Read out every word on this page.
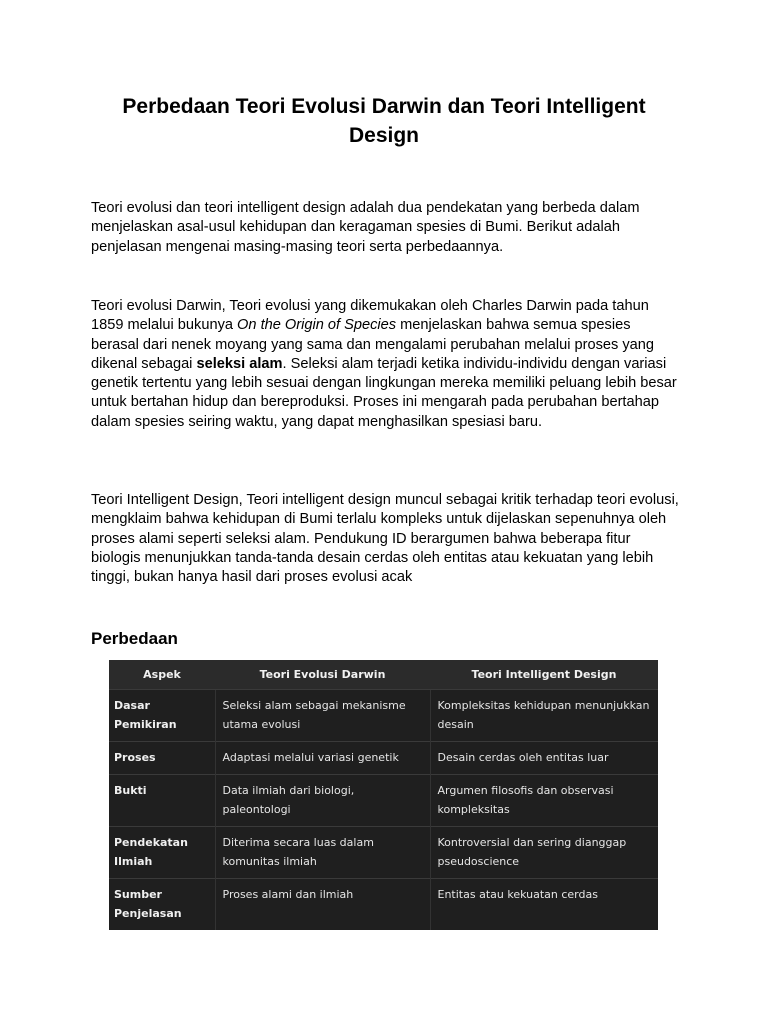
Perbedaan Teori Evolusi Darwin dan Teori Intelligent Design

Teori evolusi dan teori intelligent design adalah dua pendekatan yang berbeda dalam menjelaskan asal-usul kehidupan dan keragaman spesies di Bumi. Berikut adalah penjelasan mengenai masing-masing teori serta perbedaannya.

Teori evolusi Darwin, Teori evolusi yang dikemukakan oleh Charles Darwin pada tahun 1859 melalui bukunya On the Origin of Species menjelaskan bahwa semua spesies berasal dari nenek moyang yang sama dan mengalami perubahan melalui proses yang dikenal sebagai seleksi alam. Seleksi alam terjadi ketika individu-individu dengan variasi genetik tertentu yang lebih sesuai dengan lingkungan mereka memiliki peluang lebih besar untuk bertahan hidup dan bereproduksi. Proses ini mengarah pada perubahan bertahap dalam spesies seiring waktu, yang dapat menghasilkan spesiasi baru.

Teori Intelligent Design, Teori intelligent design muncul sebagai kritik terhadap teori evolusi, mengklaim bahwa kehidupan di Bumi terlalu kompleks untuk dijelaskan sepenuhnya oleh proses alami seperti seleksi alam. Pendukung ID berargumen bahwa beberapa fitur biologis menunjukkan tanda-tanda desain cerdas oleh entitas atau kekuatan yang lebih tinggi, bukan hanya hasil dari proses evolusi acak

Perbedaan
Aspek	Teori Evolusi Darwin	Teori Intelligent Design
Dasar Pemikiran	Seleksi alam sebagai mekanisme utama evolusi	Kompleksitas kehidupan menunjukkan desain
Proses	Adaptasi melalui variasi genetik	Desain cerdas oleh entitas luar
Bukti	Data ilmiah dari biologi, paleontologi	Argumen filosofis dan observasi kompleksitas
Pendekatan Ilmiah	Diterima secara luas dalam komunitas ilmiah	Kontroversial dan sering dianggap pseudoscience
Sumber Penjelasan	Proses alami dan ilmiah	Entitas atau kekuatan cerdas
